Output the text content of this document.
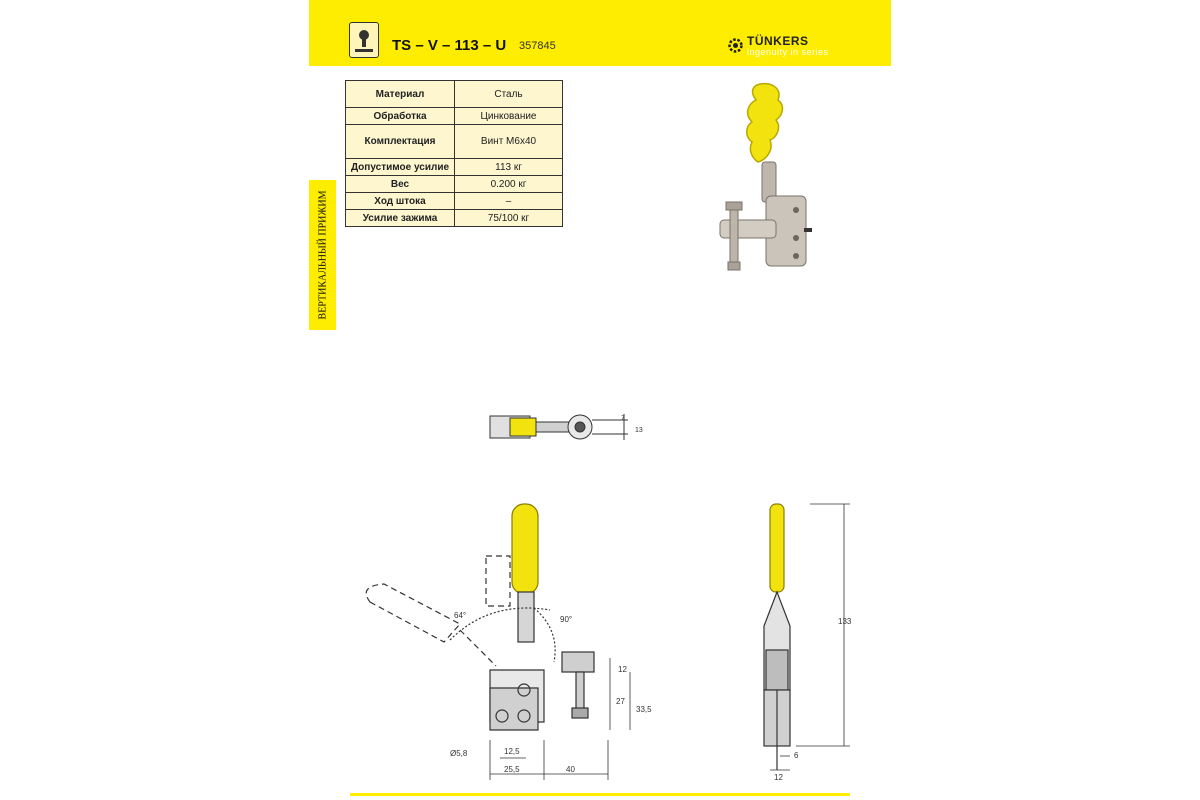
TS – V – 113 – U 357845	TÜNKERS
ingenuity in series
ВЕРТИКАЛЬНЫЙ ПРИЖИМ
Материал	Сталь
Обработка	Цинкование
Комплектация	Винт М6х40
Допустимое усилие	113 кг
Вес	0.200 кг
Ход штока	–
Усилие зажима	75/100 кг
7
13
64°	90°
12
27
33,5
Ø5,8	12,5
25,5	40
133
6
12
